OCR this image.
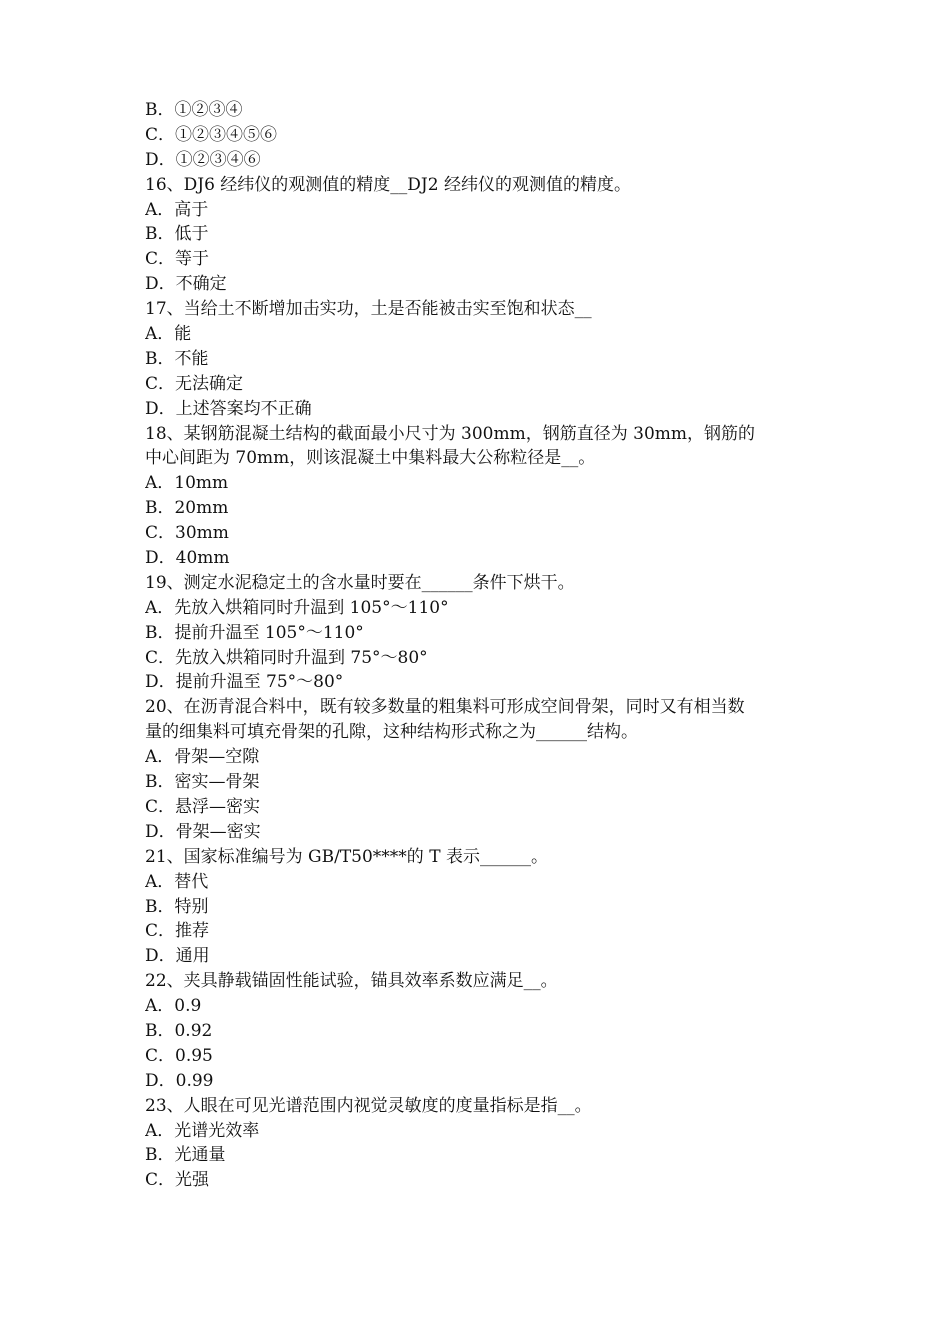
B．①②③④
C．①②③④⑤⑥
D．①②③④⑥
16、DJ6 经纬仪的观测值的精度__DJ2 经纬仪的观测值的精度。
A．高于
B．低于
C．等于
D．不确定
17、当给土不断增加击实功，土是否能被击实至饱和状态__
A．能
B．不能
C．无法确定
D．上述答案均不正确
18、某钢筋混凝土结构的截面最小尺寸为 300mm，钢筋直径为 30mm，钢筋的
中心间距为 70mm，则该混凝土中集料最大公称粒径是__。
A．10mm
B．20mm
C．30mm
D．40mm
19、测定水泥稳定土的含水量时要在______条件下烘干。
A．先放入烘箱同时升温到 105°～110°
B．提前升温至 105°～110°
C．先放入烘箱同时升温到 75°～80°
D．提前升温至 75°～80°
20、在沥青混合料中，既有较多数量的粗集料可形成空间骨架，同时又有相当数
量的细集料可填充骨架的孔隙，这种结构形式称之为______结构。
A．骨架—空隙
B．密实—骨架
C．悬浮—密实
D．骨架—密实
21、国家标准编号为 GB/T50****的 T 表示______。
A．替代
B．特别
C．推荐
D．通用
22、夹具静载锚固性能试验，锚具效率系数应满足__。
A．0.9
B．0.92
C．0.95
D．0.99
23、人眼在可见光谱范围内视觉灵敏度的度量指标是指__。
A．光谱光效率
B．光通量
C．光强
